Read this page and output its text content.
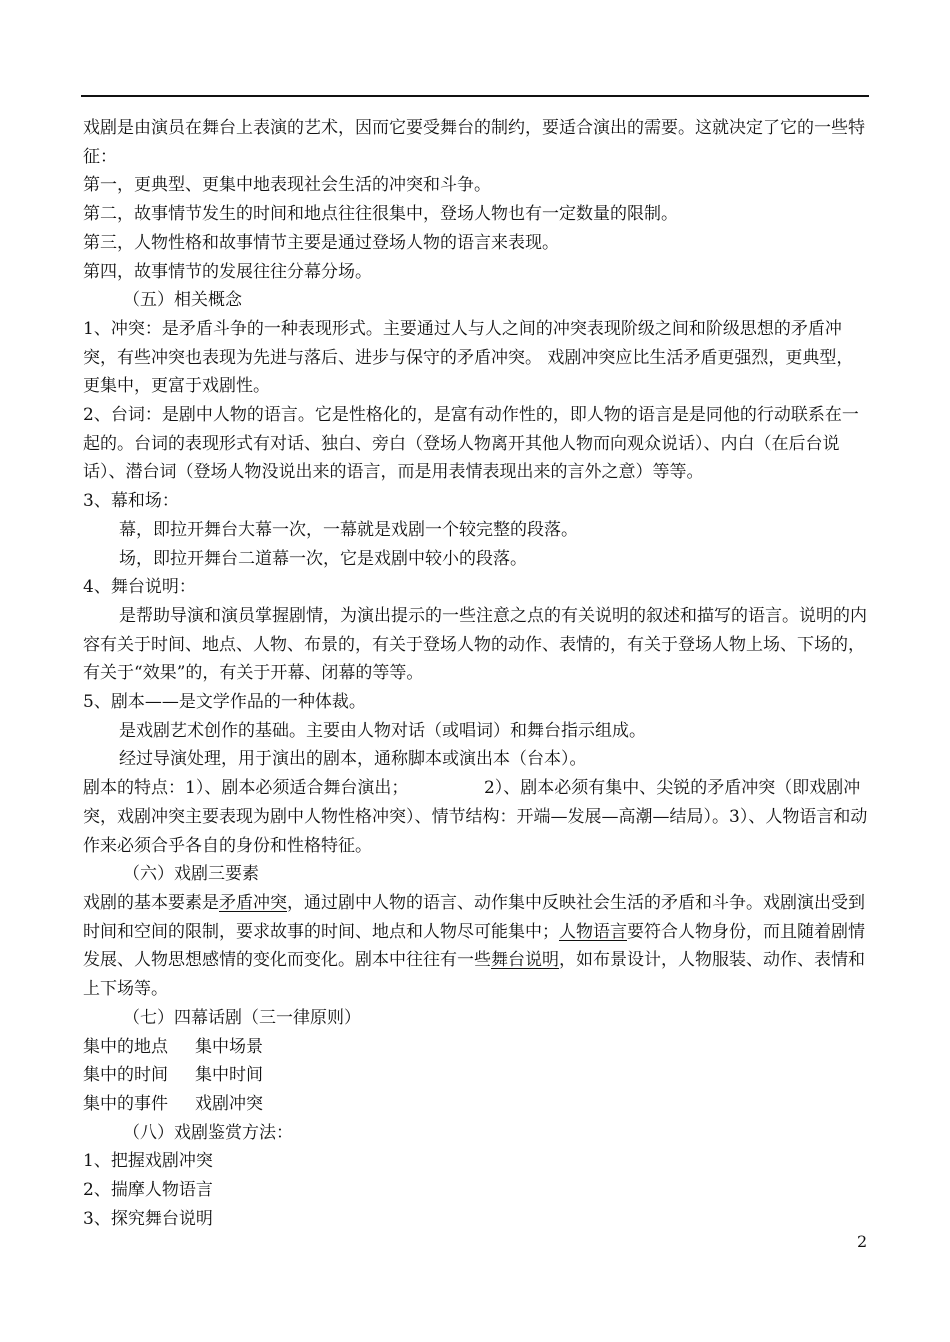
戏剧是由演员在舞台上表演的艺术，因而它要受舞台的制约，要适合演出的需要。这就决定了它的一些特征：

第一，更典型、更集中地表现社会生活的冲突和斗争。

第二，故事情节发生的时间和地点往往很集中，登场人物也有一定数量的限制。

第三，人物性格和故事情节主要是通过登场人物的语言来表现。

第四，故事情节的发展往往分幕分场。

（五）相关概念

1、冲突：是矛盾斗争的一种表现形式。主要通过人与人之间的冲突表现阶级之间和阶级思想的矛盾冲突，有些冲突也表现为先进与落后、进步与保守的矛盾冲突。 戏剧冲突应比生活矛盾更强烈，更典型，更集中，更富于戏剧性。

2、台词：是剧中人物的语言。它是性格化的，是富有动作性的，即人物的语言是是同他的行动联系在一起的。台词的表现形式有对话、独白、旁白（登场人物离开其他人物而向观众说话）、内白（在后台说话）、潜台词（登场人物没说出来的语言，而是用表情表现出来的言外之意）等等。

3、幕和场：

幕，即拉开舞台大幕一次，一幕就是戏剧一个较完整的段落。

场，即拉开舞台二道幕一次，它是戏剧中较小的段落。

4、舞台说明：

是帮助导演和演员掌握剧情，为演出提示的一些注意之点的有关说明的叙述和描写的语言。说明的内容有关于时间、地点、人物、布景的，有关于登场人物的动作、表情的，有关于登场人物上场、下场的，有关于“效果”的，有关于开幕、闭幕的等等。

5、剧本——是文学作品的一种体裁。

是戏剧艺术创作的基础。主要由人物对话（或唱词）和舞台指示组成。

经过导演处理，用于演出的剧本，通称脚本或演出本（台本）。

剧本的特点：1）、剧本必须适合舞台演出；              2）、剧本必须有集中、尖锐的矛盾冲突（即戏剧冲突，戏剧冲突主要表现为剧中人物性格冲突）、情节结构：开端—发展—高潮—结局）。3）、人物语言和动作来必须合乎各自的身份和性格特征。

（六）戏剧三要素

戏剧的基本要素是矛盾冲突，通过剧中人物的语言、动作集中反映社会生活的矛盾和斗争。戏剧演出受到时间和空间的限制，要求故事的时间、地点和人物尽可能集中；人物语言要符合人物身份，而且随着剧情发展、人物思想感情的变化而变化。剧本中往往有一些舞台说明，如布景设计，人物服装、动作、表情和上下场等。

（七）四幕话剧（三一律原则）

集中的地点     集中场景

集中的时间     集中时间

集中的事件     戏剧冲突

（八）戏剧鉴赏方法：

1、把握戏剧冲突

2、揣摩人物语言

3、探究舞台说明

2
